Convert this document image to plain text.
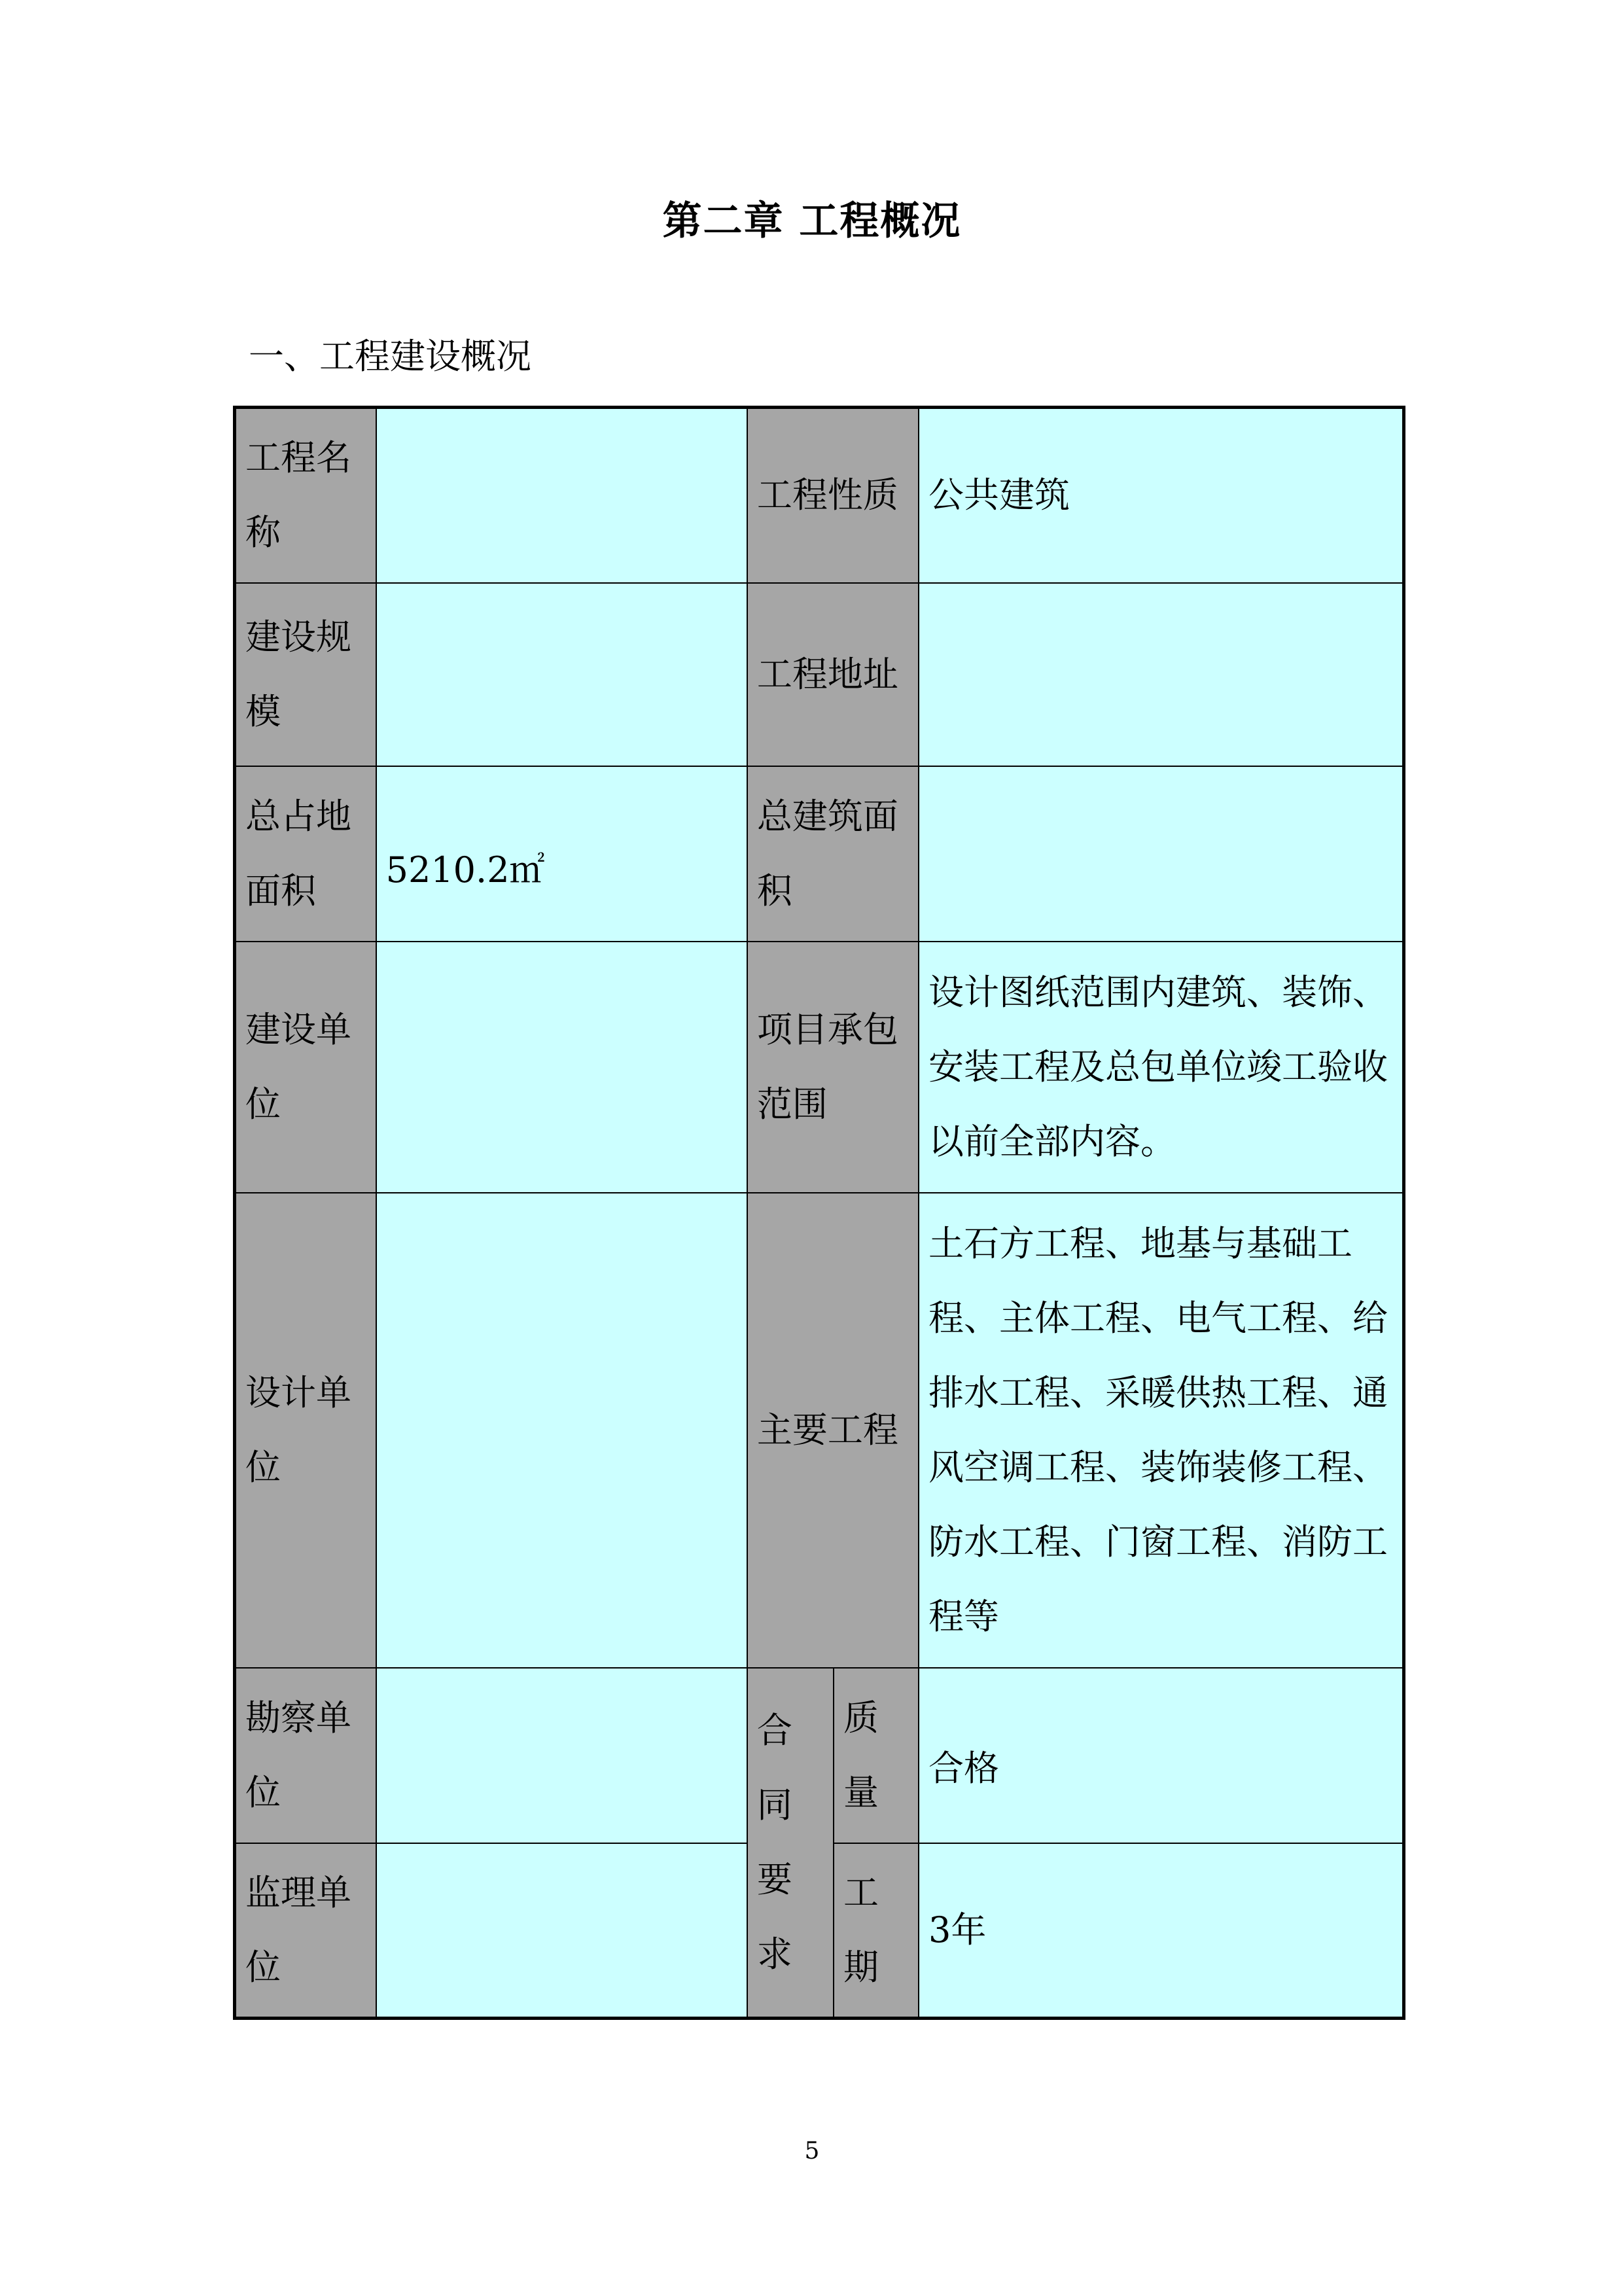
第二章 工程概况
一、工程建设概况
工程名称		工程性质		公共建筑
建设规模		工程地址		
总占地面积	5210.2㎡	总建筑面积		
建设单位		项目承包范围		设计图纸范围内建筑、装饰、安装工程及总包单位竣工验收以前全部内容。
设计单位		主要工程		土石方工程、地基与基础工程、主体工程、电气工程、给排水工程、采暖供热工程、通风空调工程、装饰装修工程、防水工程、门窗工程、消防工程等
勘察单位		合同要求	质量	合格
监理单位			工期	3年
5
